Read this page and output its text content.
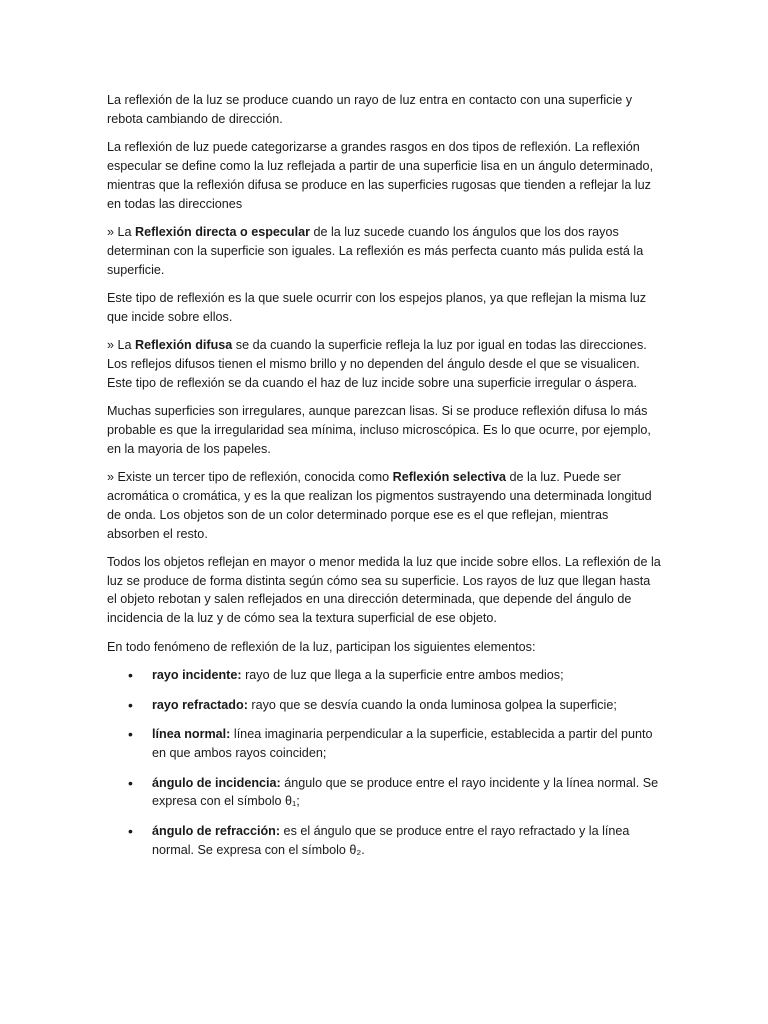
La reflexión de la luz se produce cuando un rayo de luz entra en contacto con una superficie y rebota cambiando de dirección.

La reflexión de luz puede categorizarse a grandes rasgos en dos tipos de reflexión. La reflexión especular se define como la luz reflejada a partir de una superficie lisa en un ángulo determinado, mientras que la reflexión difusa se produce en las superficies rugosas que tienden a reflejar la luz en todas las direcciones

» La Reflexión directa o especular de la luz sucede cuando los ángulos que los dos rayos determinan con la superficie son iguales. La reflexión es más perfecta cuanto más pulida está la superficie.

Este tipo de reflexión es la que suele ocurrir con los espejos planos, ya que reflejan la misma luz que incide sobre ellos.

» La Reflexión difusa se da cuando la superficie refleja la luz por igual en todas las direcciones. Los reflejos difusos tienen el mismo brillo y no dependen del ángulo desde el que se visualicen. Este tipo de reflexión se da cuando el haz de luz incide sobre una superficie irregular o áspera.

Muchas superficies son irregulares, aunque parezcan lisas. Si se produce reflexión difusa lo más probable es que la irregularidad sea mínima, incluso microscópica. Es lo que ocurre, por ejemplo, en la mayoria de los papeles.

» Existe un tercer tipo de reflexión, conocida como Reflexión selectiva de la luz. Puede ser acromática o cromática, y es la que realizan los pigmentos sustrayendo una determinada longitud de onda. Los objetos son de un color determinado porque ese es el que reflejan, mientras absorben el resto.

Todos los objetos reflejan en mayor o menor medida la luz que incide sobre ellos. La reflexión de la luz se produce de forma distinta según cómo sea su superficie. Los rayos de luz que llegan hasta el objeto rebotan y salen reflejados en una dirección determinada, que depende del ángulo de incidencia de la luz y de cómo sea la textura superficial de ese objeto.

En todo fenómeno de reflexión de la luz, participan los siguientes elementos:

• rayo incidente: rayo de luz que llega a la superficie entre ambos medios;
• rayo refractado: rayo que se desvía cuando la onda luminosa golpea la superficie;
• línea normal: línea imaginaria perpendicular a la superficie, establecida a partir del punto en que ambos rayos coinciden;
• ángulo de incidencia: ángulo que se produce entre el rayo incidente y la línea normal. Se expresa con el símbolo θ₁;
• ángulo de refracción: es el ángulo que se produce entre el rayo refractado y la línea normal. Se expresa con el símbolo θ₂.
